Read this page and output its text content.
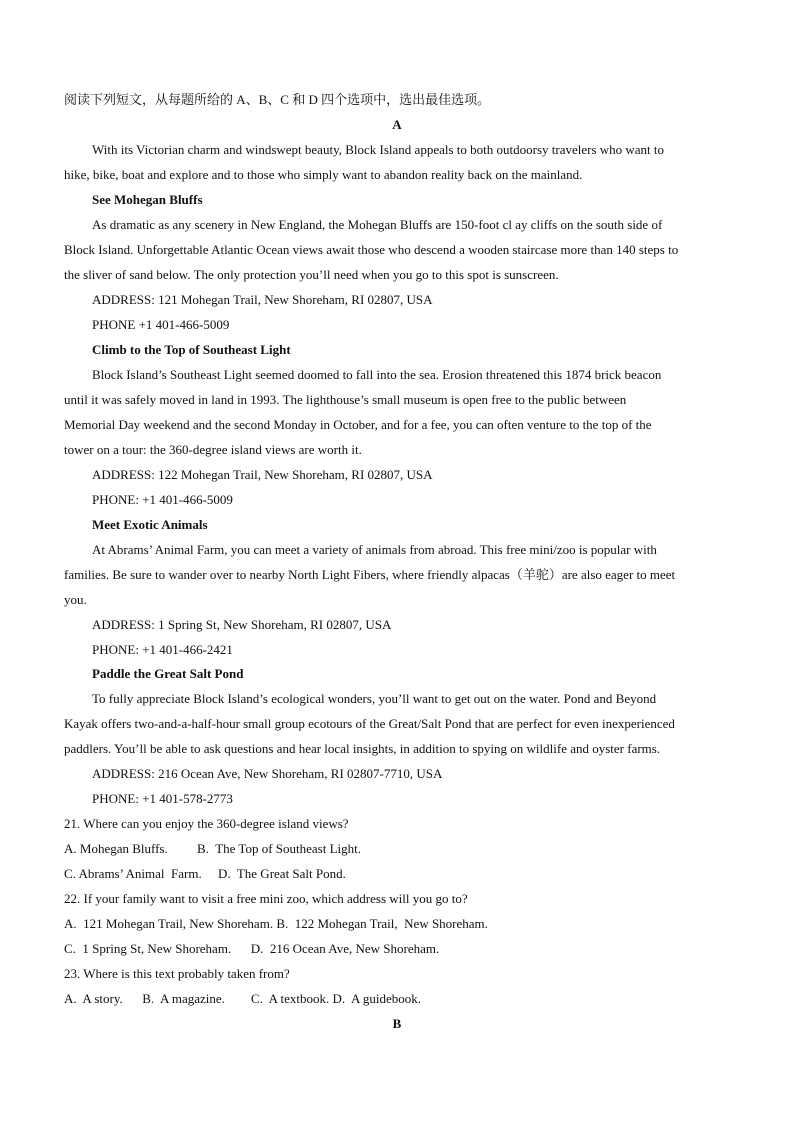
阅读下列短文，从每题所给的 A、B、C 和 D 四个选项中，选出最佳选项。
A
With its Victorian charm and windswept beauty, Block Island appeals to both outdoorsy travelers who want to
hike, bike, boat and explore and to those who simply want to abandon reality back on the mainland.
See Mohegan Bluffs
As dramatic as any scenery in New England, the Mohegan Bluffs are 150-foot cl ay cliffs on the south side of
Block Island. Unforgettable Atlantic Ocean views await those who descend a wooden staircase more than 140 steps to
the sliver of sand below. The only protection you’ll need when you go to this spot is sunscreen.
ADDRESS: 121 Mohegan Trail, New Shoreham, RI 02807, USA
PHONE +1 401-466-5009
Climb to the Top of Southeast Light
Block Island’s Southeast Light seemed doomed to fall into the sea. Erosion threatened this 1874 brick beacon
until it was safely moved in land in 1993. The lighthouse’s small museum is open free to the public between
Memorial Day weekend and the second Monday in October, and for a fee, you can often venture to the top of the
tower on a tour: the 360-degree island views are worth it.
ADDRESS: 122 Mohegan Trail, New Shoreham, RI 02807, USA
PHONE: +1 401-466-5009
Meet Exotic Animals
At Abrams’ Animal Farm, you can meet a variety of animals from abroad. This free mini/zoo is popular with
families. Be sure to wander over to nearby North Light Fibers, where friendly alpacas（羊驼）are also eager to meet
you.
ADDRESS: 1 Spring St, New Shoreham, RI 02807, USA
PHONE: +1 401-466-2421
Paddle the Great Salt Pond
To fully appreciate Block Island’s ecological wonders, you’ll want to get out on the water. Pond and Beyond
Kayak offers two-and-a-half-hour small group ecotours of the Great/Salt Pond that are perfect for even inexperienced
paddlers. You’ll be able to ask questions and hear local insights, in addition to spying on wildlife and oyster farms.
ADDRESS: 216 Ocean Ave, New Shoreham, RI 02807-7710, USA
PHONE: +1 401-578-2773
21. Where can you enjoy the 360-degree island views?
A. Mohegan Bluffs.         B.  The Top of Southeast Light.
C. Abrams’ Animal  Farm.     D.  The Great Salt Pond.
22. If your family want to visit a free mini zoo, which address will you go to?
A.  121 Mohegan Trail, New Shoreham. B.  122 Mohegan Trail,  New Shoreham.
C.  1 Spring St, New Shoreham.      D.  216 Ocean Ave, New Shoreham.
23. Where is this text probably taken from?
A.  A story.      B.  A magazine.        C.  A textbook. D.  A guidebook.
B
